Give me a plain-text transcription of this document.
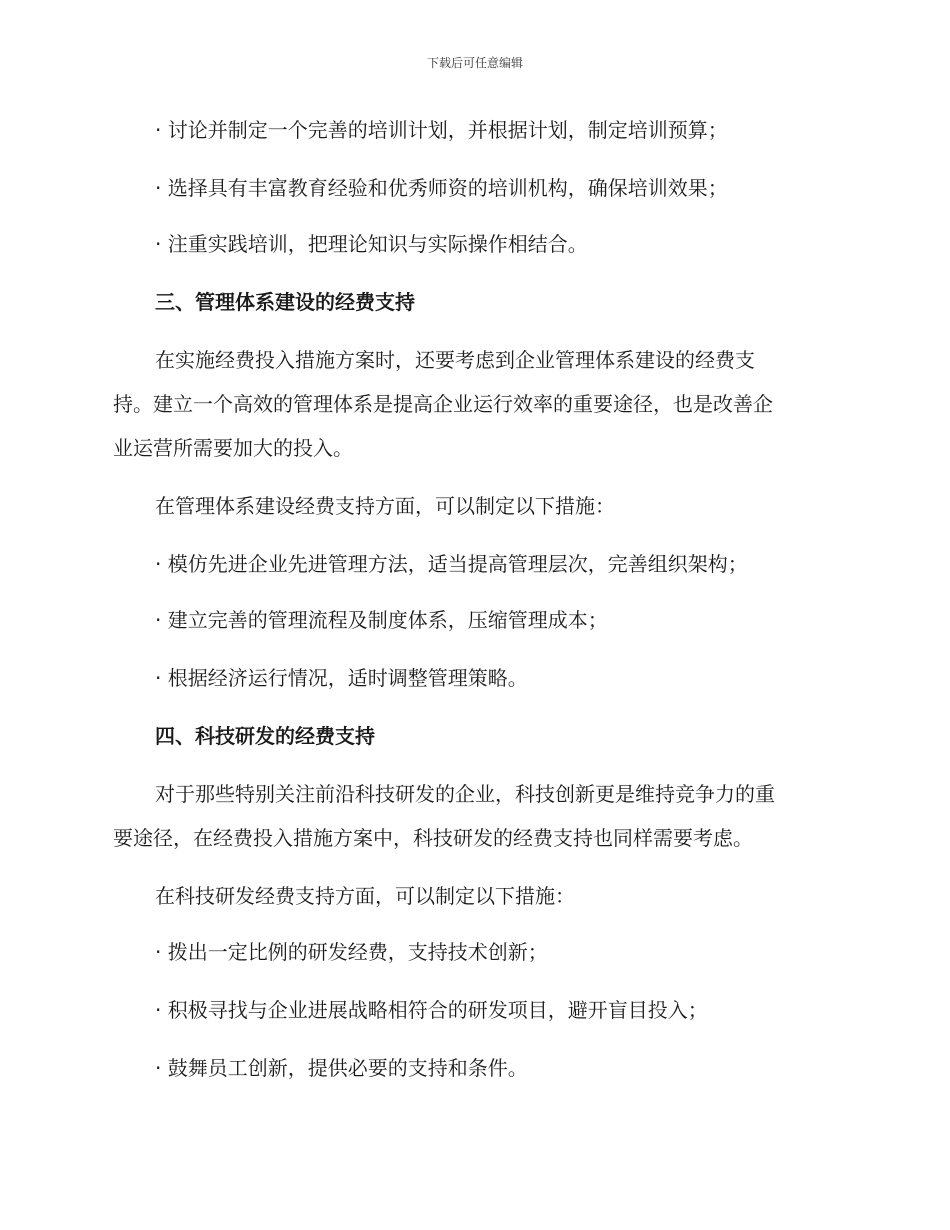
下载后可任意编辑
· 讨论并制定一个完善的培训计划，并根据计划，制定培训预算；
· 选择具有丰富教育经验和优秀师资的培训机构，确保培训效果；
· 注重实践培训，把理论知识与实际操作相结合。
三、管理体系建设的经费支持
在实施经费投入措施方案时，还要考虑到企业管理体系建设的经费支
持。建立一个高效的管理体系是提高企业运行效率的重要途径，也是改善企
业运营所需要加大的投入。
在管理体系建设经费支持方面，可以制定以下措施：
· 模仿先进企业先进管理方法，适当提高管理层次，完善组织架构；
· 建立完善的管理流程及制度体系，压缩管理成本；
· 根据经济运行情况，适时调整管理策略。
四、科技研发的经费支持
对于那些特别关注前沿科技研发的企业，科技创新更是维持竞争力的重
要途径，在经费投入措施方案中，科技研发的经费支持也同样需要考虑。
在科技研发经费支持方面，可以制定以下措施：
· 拨出一定比例的研发经费，支持技术创新；
· 积极寻找与企业进展战略相符合的研发项目，避开盲目投入；
· 鼓舞员工创新，提供必要的支持和条件。
